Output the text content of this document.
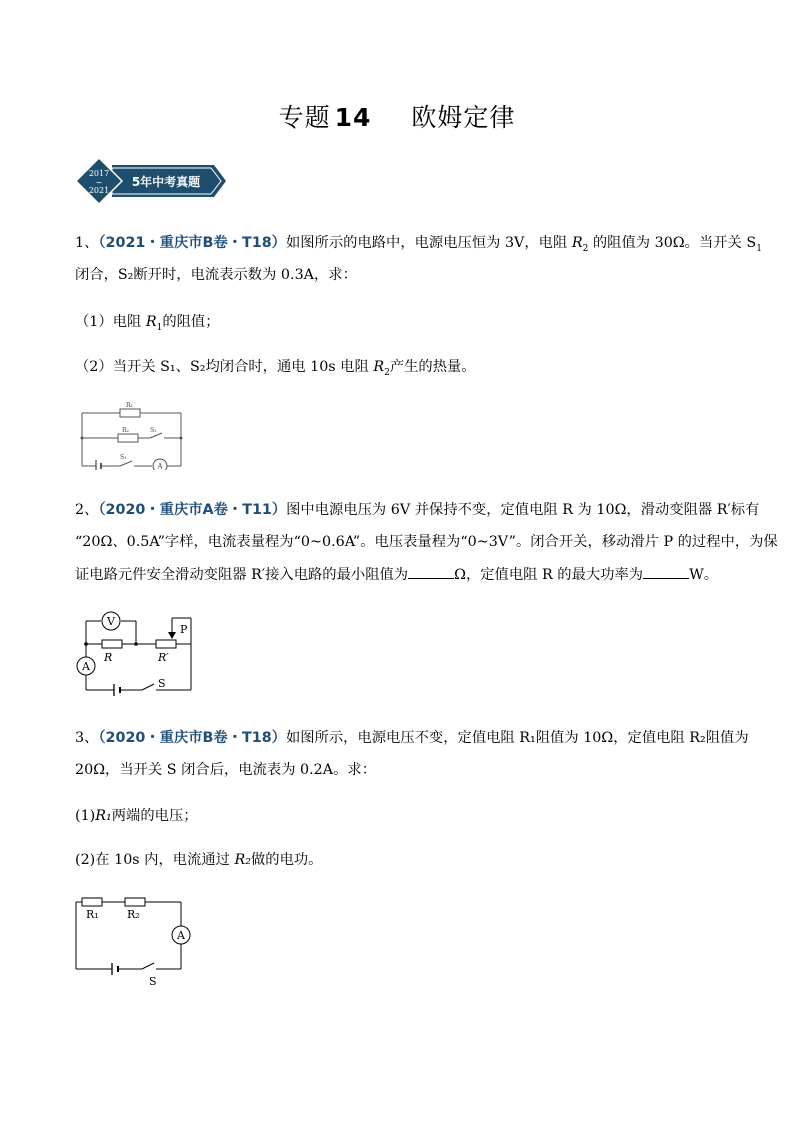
专题 14 欧姆定律
2017
~
2021
5年中考真题
1、（2021・重庆市B卷・T18）如图所示的电路中，电源电压恒为 3V，电阻 $R_2$ 的阻值为 30Ω。当开关 $S_1$
闭合，S₂断开时，电流表示数为 0.3A，求：
（1）电阻 $R_1$的阻值；
（2）当开关 S₁、S₂均闭合时，通电 10s 电阻 $R_2$产生的热量。
R₁
R₂	S₂
S₁
A
2、（2020・重庆市A卷・T11）图中电源电压为 6V 并保持不变，定值电阻 R 为 10Ω，滑动变阻器 R′标有
“20Ω、0.5A”字样，电流表量程为“0~0.6A”。电压表量程为“0~3V”。闭合开关，移动滑片 P 的过程中，为保
证电路元件安全滑动变阻器 R′接入电路的最小阻值为	Ω，定值电阻 R 的最大功率为	W。
V
A
R	R′
P
S
3、（2020・重庆市B卷・T18）如图所示，电源电压不变，定值电阻 R₁阻值为 10Ω，定值电阻 R₂阻值为
20Ω，当开关 S 闭合后，电流表为 0.2A。求：
(1)R₁两端的电压；
(2)在 10s 内，电流通过 R₂做的电功。
R₁	R₂
A
S
